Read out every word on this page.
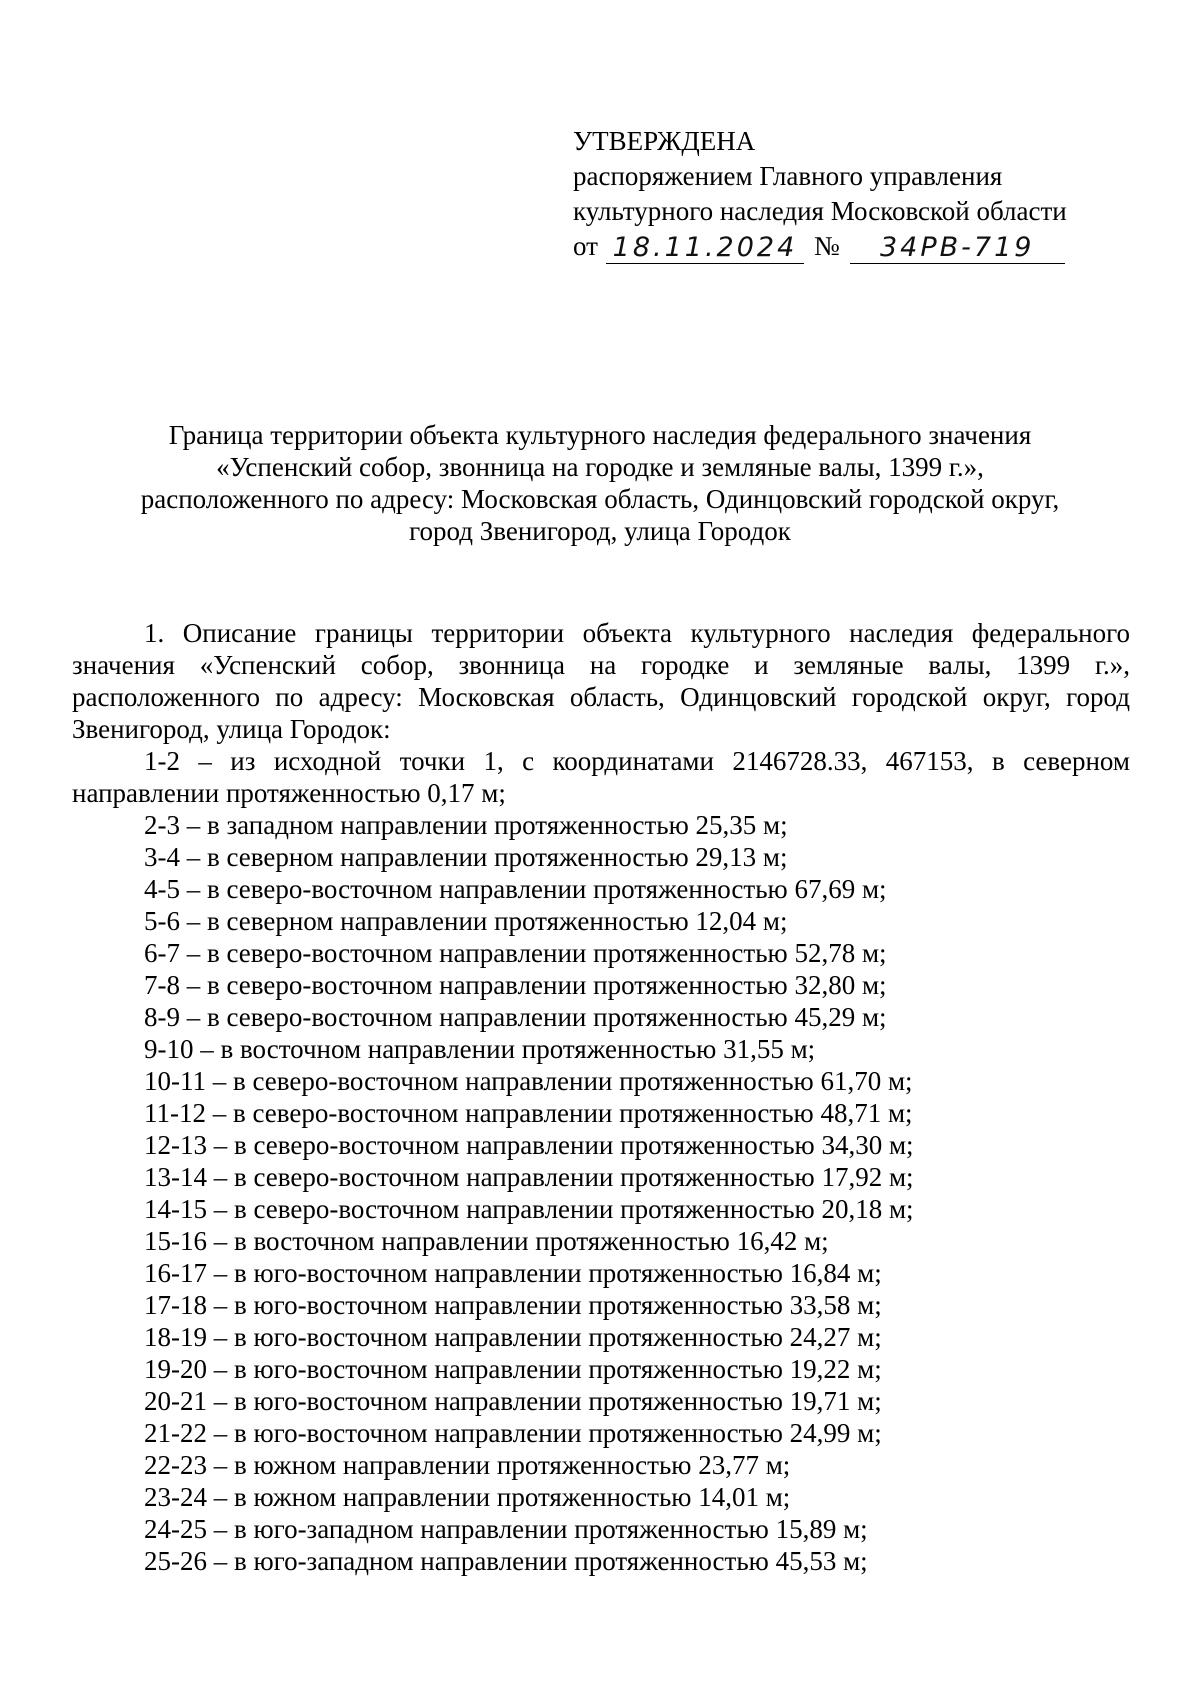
УТВЕРЖДЕНА
распоряжением Главного управления
культурного наследия Московской области
от 18.11.2024 №	34РВ-719
Граница территории объекта культурного наследия федерального значения
«Успенский собор, звонница на городке и земляные валы, 1399 г.»,
расположенного по адресу: Московская область, Одинцовский городской округ,
город Звенигород, улица Городок

1. Описание границы территории объекта культурного наследия федерального значения «Успенский собор, звонница на городке и земляные валы, 1399 г.», расположенного по адресу: Московская область, Одинцовский городской округ, город Звенигород, улица Городок:

1-2 – из исходной точки 1, с координатами 2146728.33, 467153, в северном направлении протяженностью 0,17 м;

2-3 – в западном направлении протяженностью 25,35 м;
3-4 – в северном направлении протяженностью 29,13 м;
4-5 – в северо-восточном направлении протяженностью 67,69 м;
5-6 – в северном направлении протяженностью 12,04 м;
6-7 – в северо-восточном направлении протяженностью 52,78 м;
7-8 – в северо-восточном направлении протяженностью 32,80 м;
8-9 – в северо-восточном направлении протяженностью 45,29 м;
9-10 – в восточном направлении протяженностью 31,55 м;
10-11 – в северо-восточном направлении протяженностью 61,70 м;
11-12 – в северо-восточном направлении протяженностью 48,71 м;
12-13 – в северо-восточном направлении протяженностью 34,30 м;
13-14 – в северо-восточном направлении протяженностью 17,92 м;
14-15 – в северо-восточном направлении протяженностью 20,18 м;
15-16 – в восточном направлении протяженностью 16,42 м;
16-17 – в юго-восточном направлении протяженностью 16,84 м;
17-18 – в юго-восточном направлении протяженностью 33,58 м;
18-19 – в юго-восточном направлении протяженностью 24,27 м;
19-20 – в юго-восточном направлении протяженностью 19,22 м;
20-21 – в юго-восточном направлении протяженностью 19,71 м;
21-22 – в юго-восточном направлении протяженностью 24,99 м;
22-23 – в южном направлении протяженностью 23,77 м;
23-24 – в южном направлении протяженностью 14,01 м;
24-25 – в юго-западном направлении протяженностью 15,89 м;
25-26 – в юго-западном направлении протяженностью 45,53 м;
